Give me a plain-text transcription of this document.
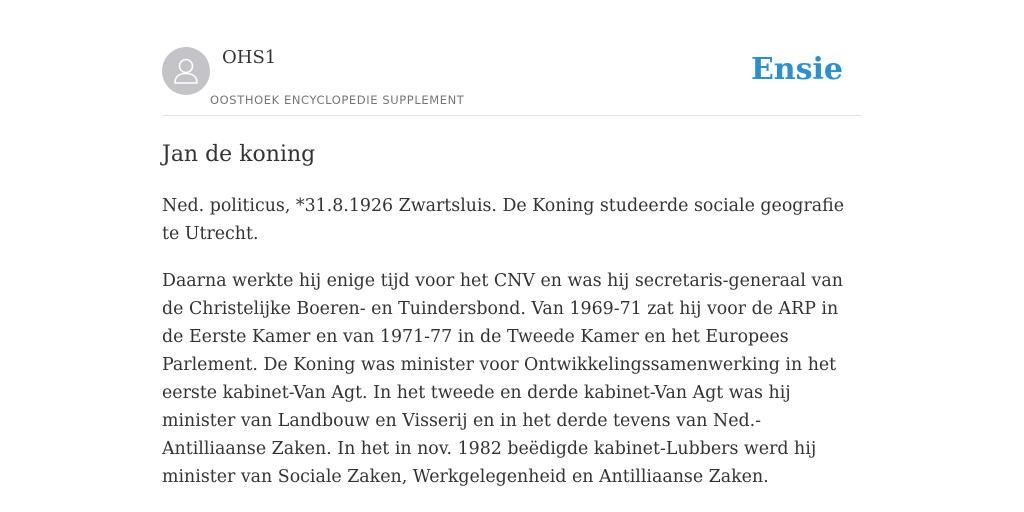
OHS1
OOSTHOEK ENCYCLOPEDIE SUPPLEMENT
Ensie
Jan de koning

Ned. politicus, *31.8.1926 Zwartsluis. De Koning studeerde sociale geografie te Utrecht.

Daarna werkte hij enige tijd voor het CNV en was hij secretaris-generaal van de Christelijke Boeren- en Tuindersbond. Van 1969-71 zat hij voor de ARP in de Eerste Kamer en van 1971-77 in de Tweede Kamer en het Europees Parlement. De Koning was minister voor Ontwikkelingssamenwerking in het eerste kabinet-Van Agt. In het tweede en derde kabinet-Van Agt was hij minister van Landbouw en Visserij en in het derde tevens van Ned.-Antilliaanse Zaken. In het in nov. 1982 beëdigde kabinet-Lubbers werd hij minister van Sociale Zaken, Werkgelegenheid en Antilliaanse Zaken.
